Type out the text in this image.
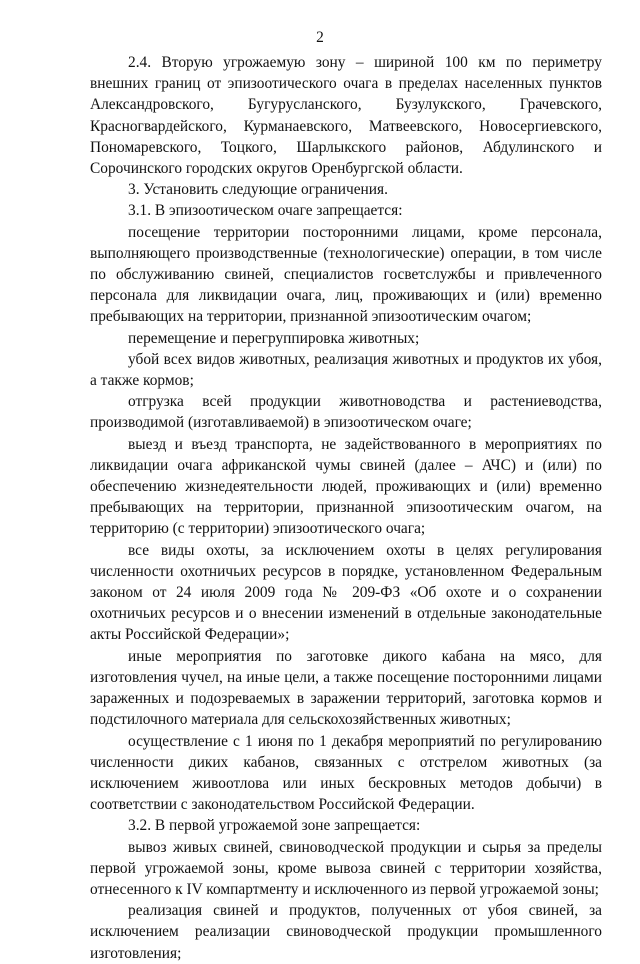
2

2.4. Вторую угрожаемую зону – шириной 100 км по периметру внешних границ от эпизоотического очага в пределах населенных пунктов Александровского, Бугурусланского, Бузулукского, Грачевского, Красногвардейского, Курманаевского, Матвеевского, Новосергиевского, Пономаревского, Тоцкого, Шарлыкского районов, Абдулинского и Сорочинского городских округов Оренбургской области.

3. Установить следующие ограничения.

3.1. В эпизоотическом очаге запрещается:

посещение территории посторонними лицами, кроме персонала, выполняющего производственные (технологические) операции, в том числе по обслуживанию свиней, специалистов госветслужбы и привлеченного персонала для ликвидации очага, лиц, проживающих и (или) временно пребывающих на территории, признанной эпизоотическим очагом;

перемещение и перегруппировка животных;

убой всех видов животных, реализация животных и продуктов их убоя, а также кормов;

отгрузка всей продукции животноводства и растениеводства, производимой (изготавливаемой) в эпизоотическом очаге;

выезд и въезд транспорта, не задействованного в мероприятиях по ликвидации очага африканской чумы свиней (далее – АЧС) и (или) по обеспечению жизнедеятельности людей, проживающих и (или) временно пребывающих на территории, признанной эпизоотическим очагом, на территорию (с территории) эпизоотического очага;

все виды охоты, за исключением охоты в целях регулирования численности охотничьих ресурсов в порядке, установленном Федеральным законом от 24 июля 2009 года № 209-ФЗ «Об охоте и о сохранении охотничьих ресурсов и о внесении изменений в отдельные законодательные акты Российской Федерации»;

иные мероприятия по заготовке дикого кабана на мясо, для изготовления чучел, на иные цели, а также посещение посторонними лицами зараженных и подозреваемых в заражении территорий, заготовка кормов и подстилочного материала для сельскохозяйственных животных;

осуществление с 1 июня по 1 декабря мероприятий по регулированию численности диких кабанов, связанных с отстрелом животных (за исключением живоотлова или иных бескровных методов добычи) в соответствии с законодательством Российской Федерации.

3.2. В первой угрожаемой зоне запрещается:

вывоз живых свиней, свиноводческой продукции и сырья за пределы первой угрожаемой зоны, кроме вывоза свиней с территории хозяйства, отнесенного к IV компартменту и исключенного из первой угрожаемой зоны;

реализация свиней и продуктов, полученных от убоя свиней, за исключением реализации свиноводческой продукции промышленного изготовления;
